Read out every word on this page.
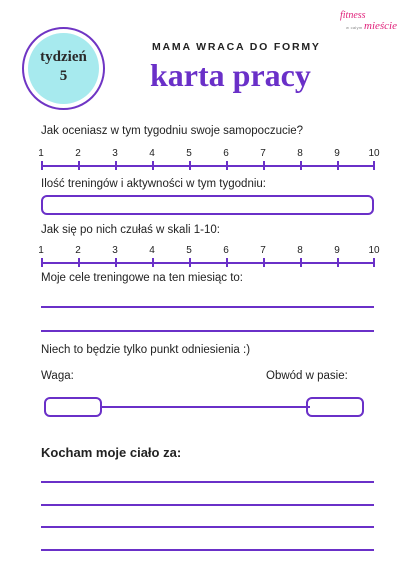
fitness
w całym mieście
tydzień
5
MAMA WRACA DO FORMY
karta pracy
Jak oceniasz w tym tygodniu swoje samopoczucie?
1	2	3	4	5	6	7	8	9	10
Ilość treningów i aktywności w tym tygodniu:
Jak się po nich czułaś w skali 1-10:
1	2	3	4	5	6	7	8	9	10
Moje cele treningowe na ten miesiąc to:
Niech to będzie tylko punkt odniesienia :)
Waga:	Obwód w pasie:
Kocham moje ciało za:
